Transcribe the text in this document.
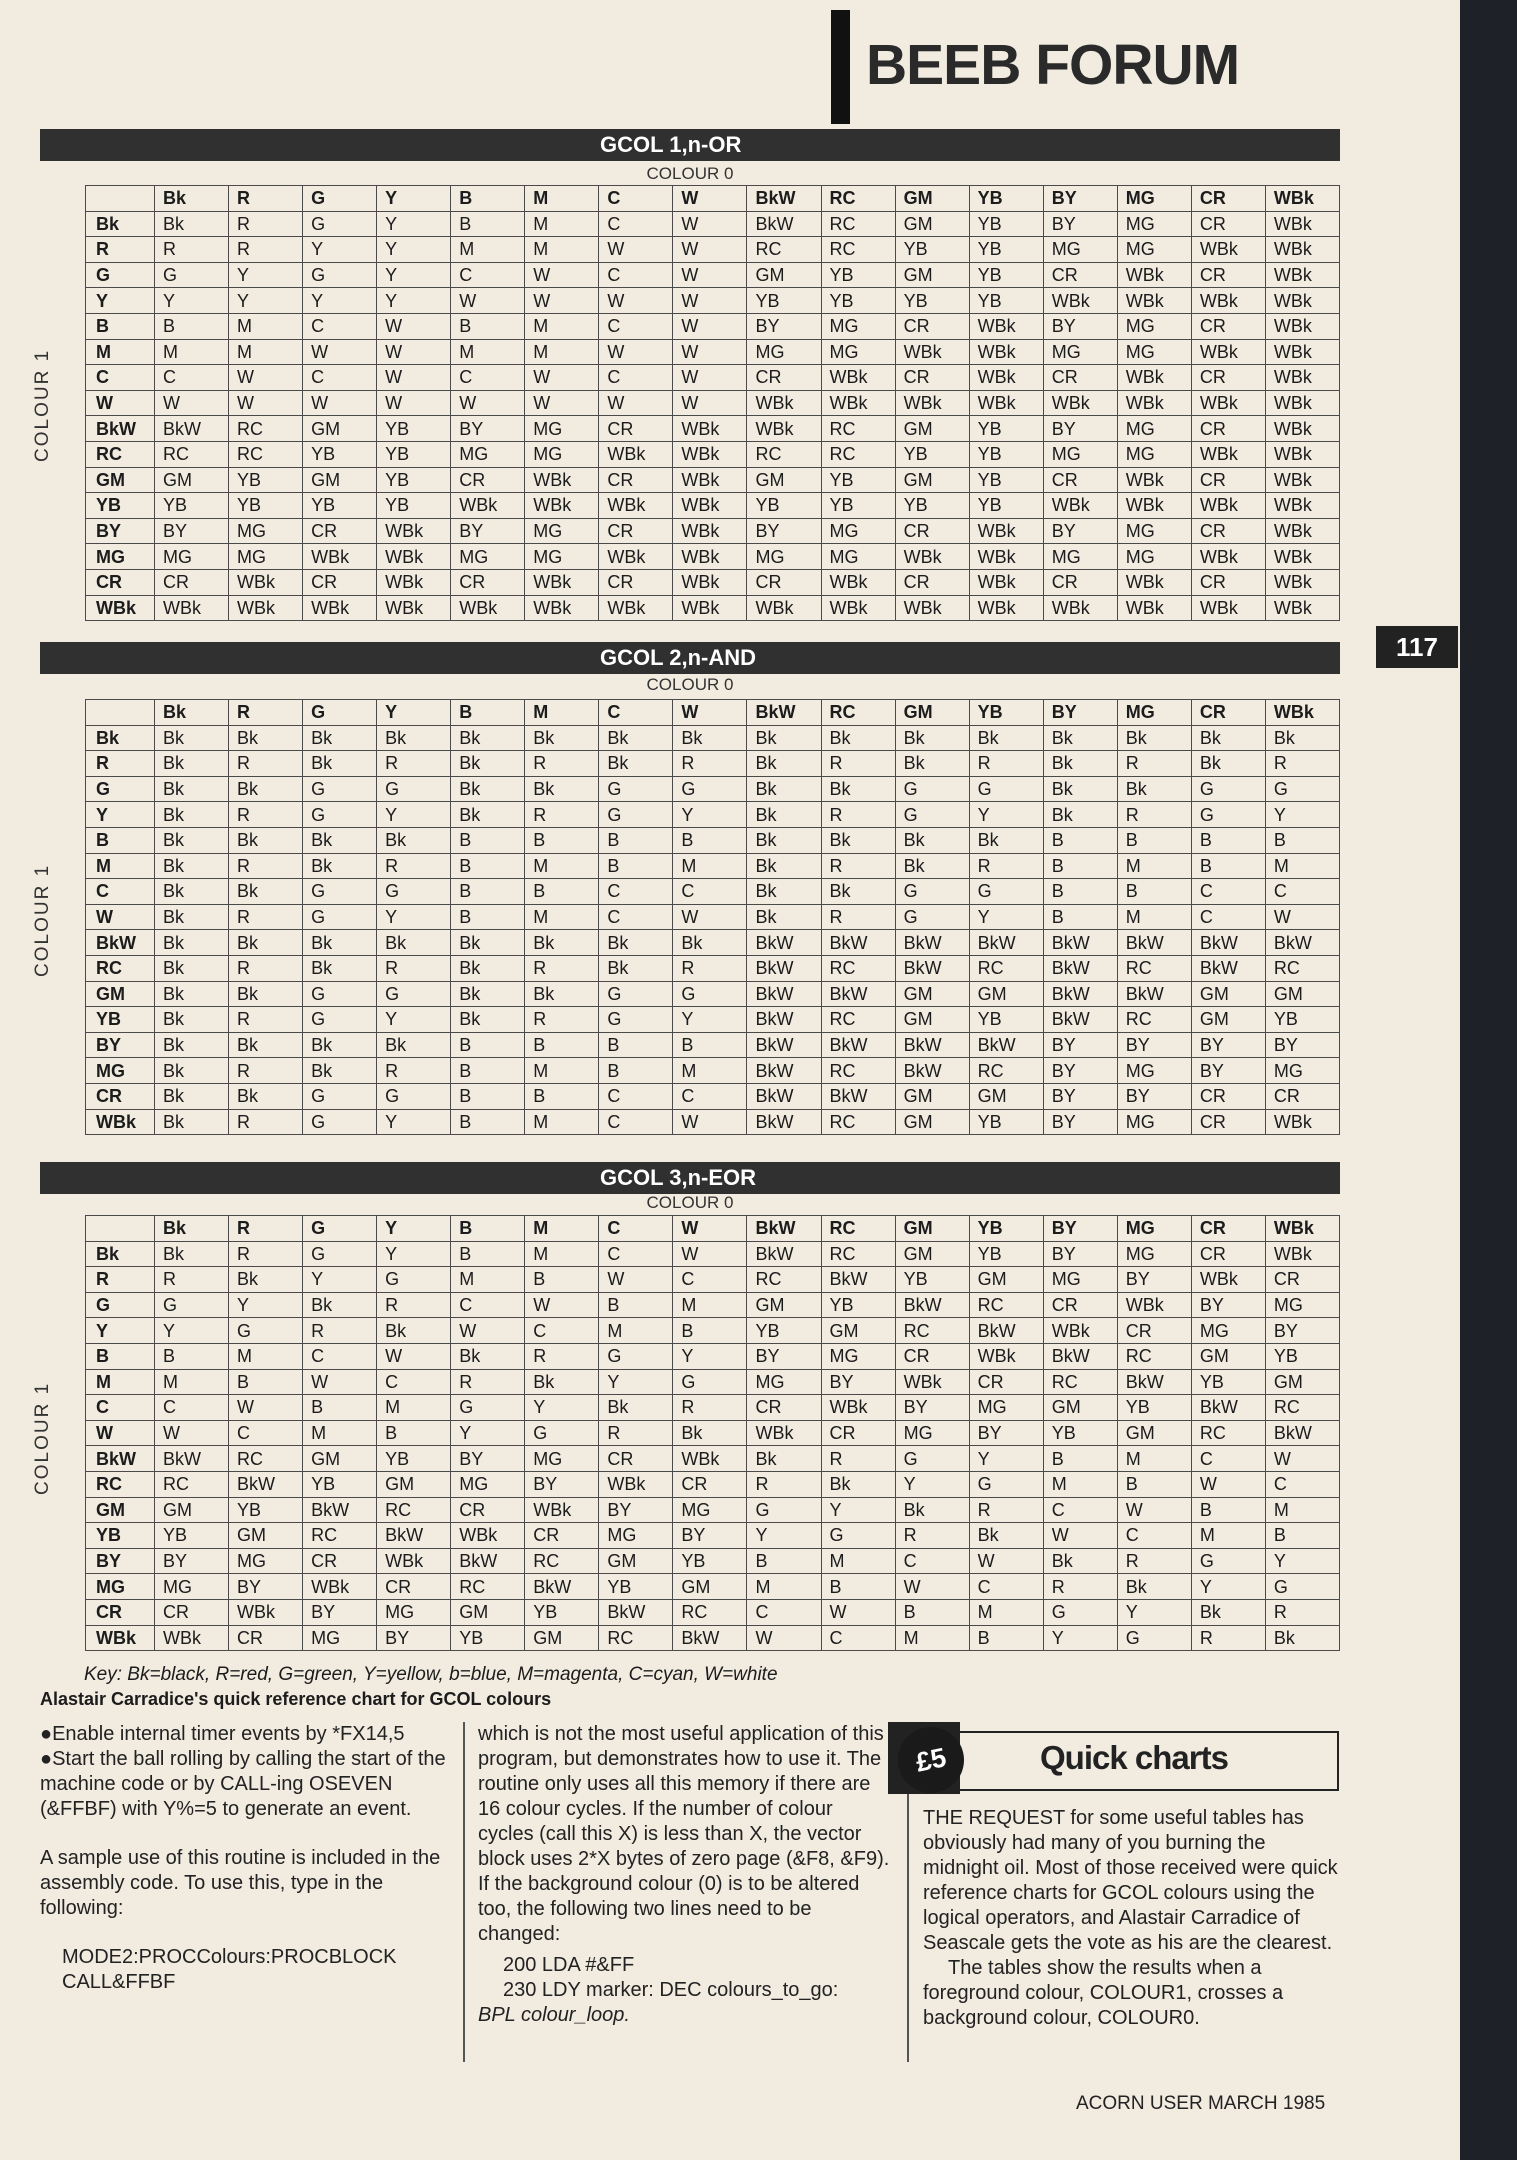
BEEB FORUM
GCOL 1,n-OR
COLOUR 0
COLOUR 1
	Bk	R	G	Y	B	M	C	W	BkW	RC	GM	YB	BY	MG	CR	WBk
Bk	Bk	R	G	Y	B	M	C	W	BkW	RC	GM	YB	BY	MG	CR	WBk
R	R	R	Y	Y	M	M	W	W	RC	RC	YB	YB	MG	MG	WBk	WBk
G	G	Y	G	Y	C	W	C	W	GM	YB	GM	YB	CR	WBk	CR	WBk
Y	Y	Y	Y	Y	W	W	W	W	YB	YB	YB	YB	WBk	WBk	WBk	WBk
B	B	M	C	W	B	M	C	W	BY	MG	CR	WBk	BY	MG	CR	WBk
M	M	M	W	W	M	M	W	W	MG	MG	WBk	WBk	MG	MG	WBk	WBk
C	C	W	C	W	C	W	C	W	CR	WBk	CR	WBk	CR	WBk	CR	WBk
W	W	W	W	W	W	W	W	W	WBk	WBk	WBk	WBk	WBk	WBk	WBk	WBk
BkW	BkW	RC	GM	YB	BY	MG	CR	WBk	WBk	RC	GM	YB	BY	MG	CR	WBk
RC	RC	RC	YB	YB	MG	MG	WBk	WBk	RC	RC	YB	YB	MG	MG	WBk	WBk
GM	GM	YB	GM	YB	CR	WBk	CR	WBk	GM	YB	GM	YB	CR	WBk	CR	WBk
YB	YB	YB	YB	YB	WBk	WBk	WBk	WBk	YB	YB	YB	YB	WBk	WBk	WBk	WBk
BY	BY	MG	CR	WBk	BY	MG	CR	WBk	BY	MG	CR	WBk	BY	MG	CR	WBk
MG	MG	MG	WBk	WBk	MG	MG	WBk	WBk	MG	MG	WBk	WBk	MG	MG	WBk	WBk
CR	CR	WBk	CR	WBk	CR	WBk	CR	WBk	CR	WBk	CR	WBk	CR	WBk	CR	WBk
WBk	WBk	WBk	WBk	WBk	WBk	WBk	WBk	WBk	WBk	WBk	WBk	WBk	WBk	WBk	WBk	WBk
GCOL 2,n-AND
COLOUR 0
COLOUR 1
	Bk	R	G	Y	B	M	C	W	BkW	RC	GM	YB	BY	MG	CR	WBk
Bk	Bk	Bk	Bk	Bk	Bk	Bk	Bk	Bk	Bk	Bk	Bk	Bk	Bk	Bk	Bk	Bk
R	Bk	R	Bk	R	Bk	R	Bk	R	Bk	R	Bk	R	Bk	R	Bk	R
G	Bk	Bk	G	G	Bk	Bk	G	G	Bk	Bk	G	G	Bk	Bk	G	G
Y	Bk	R	G	Y	Bk	R	G	Y	Bk	R	G	Y	Bk	R	G	Y
B	Bk	Bk	Bk	Bk	B	B	B	B	Bk	Bk	Bk	Bk	B	B	B	B
M	Bk	R	Bk	R	B	M	B	M	Bk	R	Bk	R	B	M	B	M
C	Bk	Bk	G	G	B	B	C	C	Bk	Bk	G	G	B	B	C	C
W	Bk	R	G	Y	B	M	C	W	Bk	R	G	Y	B	M	C	W
BkW	Bk	Bk	Bk	Bk	Bk	Bk	Bk	Bk	BkW	BkW	BkW	BkW	BkW	BkW	BkW	BkW
RC	Bk	R	Bk	R	Bk	R	Bk	R	BkW	RC	BkW	RC	BkW	RC	BkW	RC
GM	Bk	Bk	G	G	Bk	Bk	G	G	BkW	BkW	GM	GM	BkW	BkW	GM	GM
YB	Bk	R	G	Y	Bk	R	G	Y	BkW	RC	GM	YB	BkW	RC	GM	YB
BY	Bk	Bk	Bk	Bk	B	B	B	B	BkW	BkW	BkW	BkW	BY	BY	BY	BY
MG	Bk	R	Bk	R	B	M	B	M	BkW	RC	BkW	RC	BY	MG	BY	MG
CR	Bk	Bk	G	G	B	B	C	C	BkW	BkW	GM	GM	BY	BY	CR	CR
WBk	Bk	R	G	Y	B	M	C	W	BkW	RC	GM	YB	BY	MG	CR	WBk
GCOL 3,n-EOR
COLOUR 0
COLOUR 1
	Bk	R	G	Y	B	M	C	W	BkW	RC	GM	YB	BY	MG	CR	WBk
Bk	Bk	R	G	Y	B	M	C	W	BkW	RC	GM	YB	BY	MG	CR	WBk
R	R	Bk	Y	G	M	B	W	C	RC	BkW	YB	GM	MG	BY	WBk	CR
G	G	Y	Bk	R	C	W	B	M	GM	YB	BkW	RC	CR	WBk	BY	MG
Y	Y	G	R	Bk	W	C	M	B	YB	GM	RC	BkW	WBk	CR	MG	BY
B	B	M	C	W	Bk	R	G	Y	BY	MG	CR	WBk	BkW	RC	GM	YB
M	M	B	W	C	R	Bk	Y	G	MG	BY	WBk	CR	RC	BkW	YB	GM
C	C	W	B	M	G	Y	Bk	R	CR	WBk	BY	MG	GM	YB	BkW	RC
W	W	C	M	B	Y	G	R	Bk	WBk	CR	MG	BY	YB	GM	RC	BkW
BkW	BkW	RC	GM	YB	BY	MG	CR	WBk	Bk	R	G	Y	B	M	C	W
RC	RC	BkW	YB	GM	MG	BY	WBk	CR	R	Bk	Y	G	M	B	W	C
GM	GM	YB	BkW	RC	CR	WBk	BY	MG	G	Y	Bk	R	C	W	B	M
YB	YB	GM	RC	BkW	WBk	CR	MG	BY	Y	G	R	Bk	W	C	M	B
BY	BY	MG	CR	WBk	BkW	RC	GM	YB	B	M	C	W	Bk	R	G	Y
MG	MG	BY	WBk	CR	RC	BkW	YB	GM	M	B	W	C	R	Bk	Y	G
CR	CR	WBk	BY	MG	GM	YB	BkW	RC	C	W	B	M	G	Y	Bk	R
WBk	WBk	CR	MG	BY	YB	GM	RC	BkW	W	C	M	B	Y	G	R	Bk
Key: Bk=black, R=red, G=green, Y=yellow, b=blue, M=magenta, C=cyan, W=white
Alastair Carradice's quick reference chart for GCOL colours

●Enable internal timer events by *FX14,5

●Start the ball rolling by calling the start of the machine code or by CALL-ing OSEVEN (&FFBF) with Y%=5 to generate an event.

A sample use of this routine is included in the assembly code. To use this, type in the following:

MODE2:PROCColours:PROCBLOCK

CALL&FFBF

which is not the most useful application of this program, but demonstrates how to use it. The routine only uses all this memory if there are 16 colour cycles. If the number of colour cycles (call this X) is less than X, the vector block uses 2*X bytes of zero page (&F8, &F9). If the background colour (0) is to be altered too, the following two lines need to be changed:

200 LDA #&FF

230 LDY marker: DEC colours_to_go:

BPL colour_loop.

£5	Quick charts

THE REQUEST for some useful tables has obviously had many of you burning the midnight oil. Most of those received were quick reference charts for GCOL colours using the logical operators, and Alastair Carradice of Seascale gets the vote as his are the clearest.

The tables show the results when a foreground colour, COLOUR1, crosses a background colour, COLOUR0.

ACORN USER MARCH 1985
117
